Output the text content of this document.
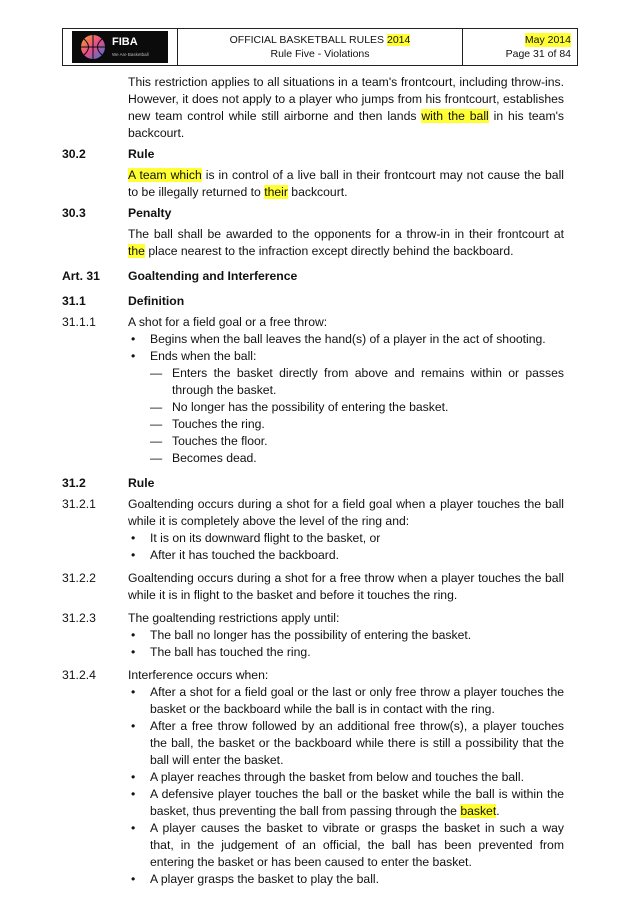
FIBA
We Are Basketball
OFFICIAL BASKETBALL RULES 2014
Rule Five - Violations
May 2014
Page 31 of 84
This restriction applies to all situations in a team's frontcourt, including throw-ins. However, it does not apply to a player who jumps from his frontcourt, establishes new team control while still airborne and then lands with the ball in his team's backcourt.
30.2	Rule
A team which is in control of a live ball in their frontcourt may not cause the ball to be illegally returned to their backcourt.
30.3	Penalty
The ball shall be awarded to the opponents for a throw-in in their frontcourt at the place nearest to the infraction except directly behind the backboard.
Art. 31	Goaltending and Interference
31.1	Definition
31.1.1	A shot for a field goal or a free throw:

• Begins when the ball leaves the hand(s) of a player in the act of shooting.
• Ends when the ball:
— Enters the basket directly from above and remains within or passes through the basket.
— No longer has the possibility of entering the basket.
— Touches the ring.
— Touches the floor.
— Becomes dead.
31.2	Rule
31.2.1	Goaltending occurs during a shot for a field goal when a player touches the ball while it is completely above the level of the ring and:

• It is on its downward flight to the basket, or
• After it has touched the backboard.
31.2.2	Goaltending occurs during a shot for a free throw when a player touches the ball while it is in flight to the basket and before it touches the ring.
31.2.3	The goaltending restrictions apply until:

• The ball no longer has the possibility of entering the basket.
• The ball has touched the ring.
31.2.4	Interference occurs when:

• After a shot for a field goal or the last or only free throw a player touches the basket or the backboard while the ball is in contact with the ring.
• After a free throw followed by an additional free throw(s), a player touches the ball, the basket or the backboard while there is still a possibility that the ball will enter the basket.
• A player reaches through the basket from below and touches the ball.
• A defensive player touches the ball or the basket while the ball is within the basket, thus preventing the ball from passing through the basket.
• A player causes the basket to vibrate or grasps the basket in such a way that, in the judgement of an official, the ball has been prevented from entering the basket or has been caused to enter the basket.
• A player grasps the basket to play the ball.
